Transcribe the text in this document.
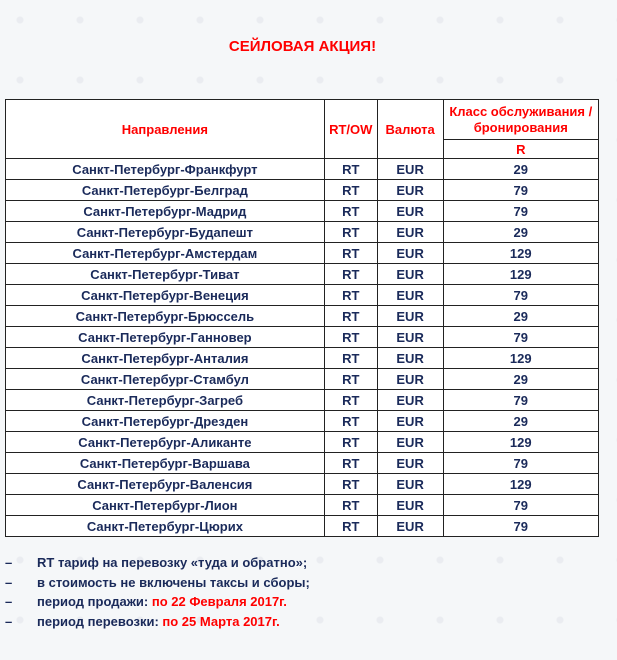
СЕЙЛОВАЯ АКЦИЯ!
Направления	RT/OW	Валюта	Класс обслуживания / бронирования
			R
Санкт-Петербург-Франкфурт	RT	EUR	29
Санкт-Петербург-Белград	RT	EUR	79
Санкт-Петербург-Мадрид	RT	EUR	79
Санкт-Петербург-Будапешт	RT	EUR	29
Санкт-Петербург-Амстердам	RT	EUR	129
Санкт-Петербург-Тиват	RT	EUR	129
Санкт-Петербург-Венеция	RT	EUR	79
Санкт-Петербург-Брюссель	RT	EUR	29
Санкт-Петербург-Ганновер	RT	EUR	79
Санкт-Петербург-Анталия	RT	EUR	129
Санкт-Петербург-Стамбул	RT	EUR	29
Санкт-Петербург-Загреб	RT	EUR	79
Санкт-Петербург-Дрезден	RT	EUR	29
Санкт-Петербург-Аликанте	RT	EUR	129
Санкт-Петербург-Варшава	RT	EUR	79
Санкт-Петербург-Валенсия	RT	EUR	129
Санкт-Петербург-Лион	RT	EUR	79
Санкт-Петербург-Цюрих	RT	EUR	79
–	RT тариф на перевозку «туда и обратно»;
–	в стоимость не включены таксы и сборы;
–	период продажи: по 22 Февраля 2017г.
–	период перевозки: по 25 Марта 2017г.
